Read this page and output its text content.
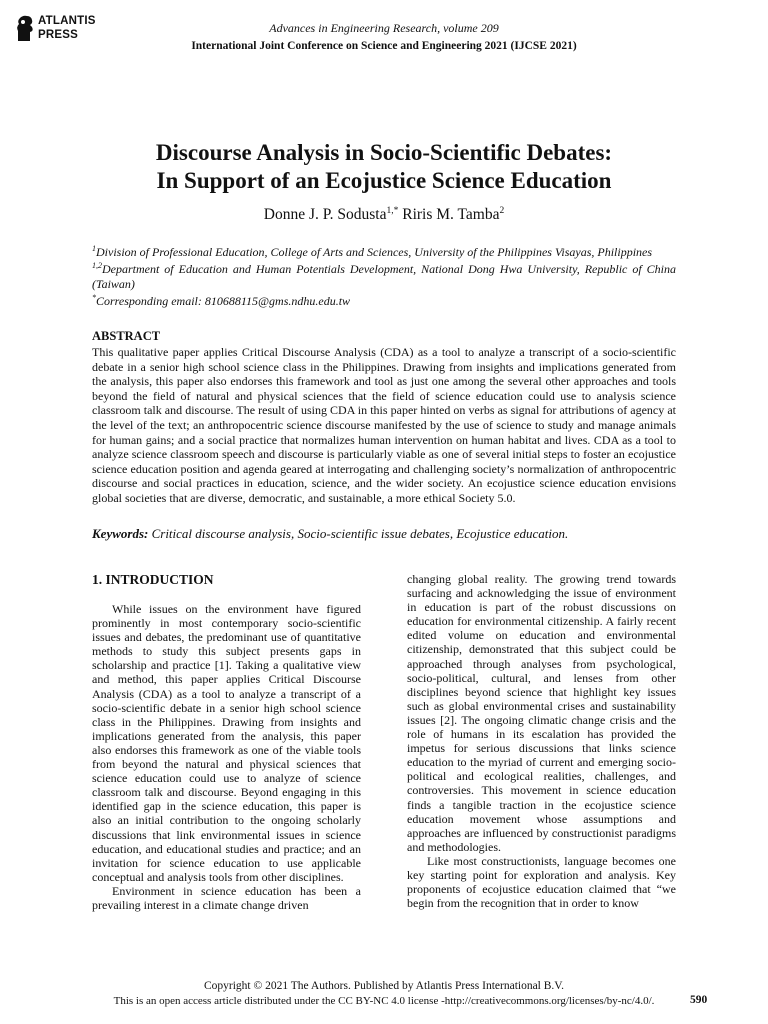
ATLANTIS
PRESS	Advances in Engineering Research, volume 209
International Joint Conference on Science and Engineering 2021 (IJCSE 2021)
Discourse Analysis in Socio-Scientific Debates:
In Support of an Ecojustice Science Education
Donne J. P. Sodusta$^{1,*}$ Riris M. Tamba$^2$

$^1$Division of Professional Education, College of Arts and Sciences, University of the Philippines Visayas, Philippines

$^{1,2}$Department of Education and Human Potentials Development, National Dong Hwa University, Republic of China (Taiwan)

*Corresponding email: 810688115@gms.ndhu.edu.tw

ABSTRACT

This qualitative paper applies Critical Discourse Analysis (CDA) as a tool to analyze a transcript of a socio-scientific debate in a senior high school science class in the Philippines. Drawing from insights and implications generated from the analysis, this paper also endorses this framework and tool as just one among the several other approaches and tools beyond the field of natural and physical sciences that the field of science education could use to analysis science classroom talk and discourse. The result of using CDA in this paper hinted on verbs as signal for attributions of agency at the level of the text; an anthropocentric science discourse manifested by the use of science to study and manage animals for human gains; and a social practice that normalizes human intervention on human habitat and lives. CDA as a tool to analyze science classroom speech and discourse is particularly viable as one of several initial steps to foster an ecojustice science education position and agenda geared at interrogating and challenging society’s normalization of anthropocentric discourse and social practices in education, science, and the wider society. An ecojustice science education envisions global societies that are diverse, democratic, and sustainable, a more ethical Society 5.0.

Keywords: Critical discourse analysis, Socio-scientific issue debates, Ecojustice education.
1. INTRODUCTION

While issues on the environment have figured prominently in most contemporary socio-scientific issues and debates, the predominant use of quantitative methods to study this subject presents gaps in scholarship and practice [1]. Taking a qualitative view and method, this paper applies Critical Discourse Analysis (CDA) as a tool to analyze a transcript of a socio-scientific debate in a senior high school science class in the Philippines. Drawing from insights and implications generated from the analysis, this paper also endorses this framework as one of the viable tools from beyond the natural and physical sciences that science education could use to analyze of science classroom talk and discourse. Beyond engaging in this identified gap in the science education, this paper is also an initial contribution to the ongoing scholarly discussions that link environmental issues in science education, and educational studies and practice; and an invitation for science education to use applicable conceptual and analysis tools from other disciplines.

Environment in science education has been a prevailing interest in a climate change driven

changing global reality. The growing trend towards surfacing and acknowledging the issue of environment in education is part of the robust discussions on education for environmental citizenship. A fairly recent edited volume on education and environmental citizenship, demonstrated that this subject could be approached through analyses from psychological, socio-political, cultural, and lenses from other disciplines beyond science that highlight key issues such as global environmental crises and sustainability issues [2]. The ongoing climatic change crisis and the role of humans in its escalation has provided the impetus for serious discussions that links science education to the myriad of current and emerging socio-political and ecological realities, challenges, and controversies. This movement in science education finds a tangible traction in the ecojustice science education movement whose assumptions and approaches are influenced by constructionist paradigms and methodologies.

Like most constructionists, language becomes one key starting point for exploration and analysis. Key proponents of ecojustice education claimed that “we begin from the recognition that in order to know

Copyright © 2021 The Authors. Published by Atlantis Press International B.V.
This is an open access article distributed under the CC BY-NC 4.0 license -http://creativecommons.org/licenses/by-nc/4.0/.	590
